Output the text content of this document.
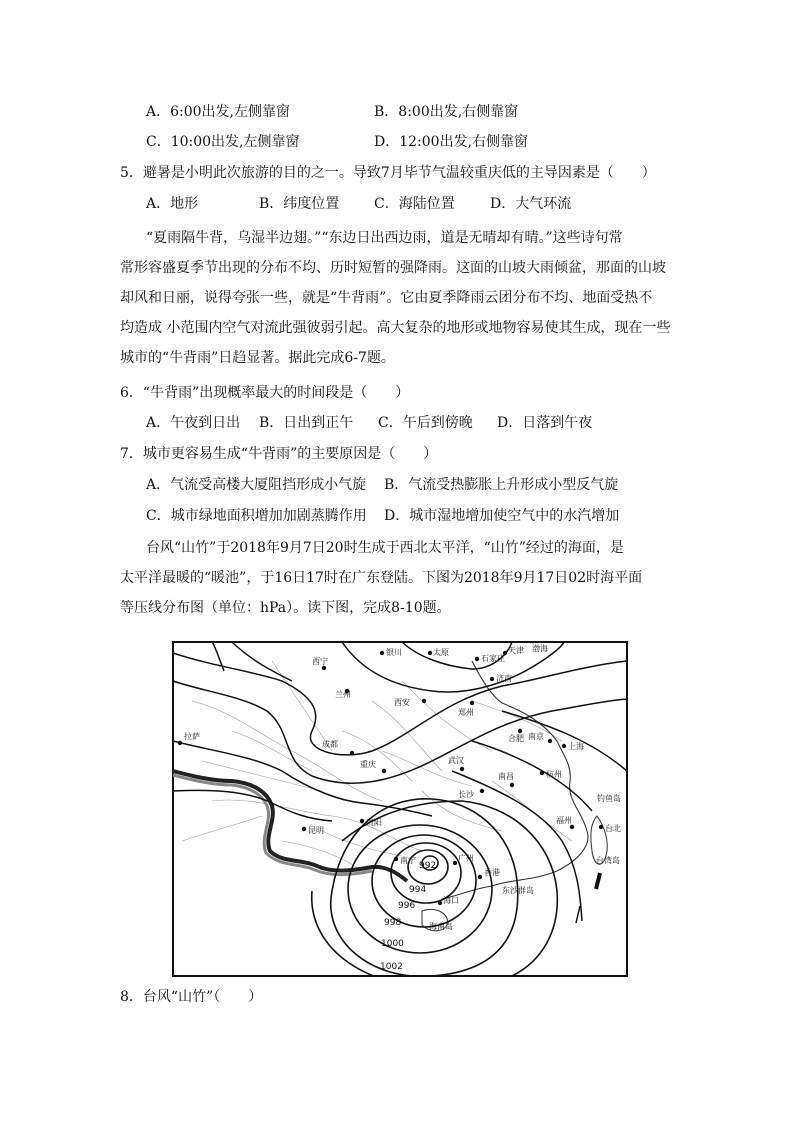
A．6:00出发,左侧靠窗	B．8:00出发,右侧靠窗
C．10:00出发,左侧靠窗	D．12:00出发,右侧靠窗
5．避暑是小明此次旅游的目的之一。导致7月毕节气温较重庆低的主导因素是（　　）
A．地形	B．纬度位置 C．海陆位置	D．大气环流
“夏雨隔牛背，乌湿半边翅。”“东边日出西边雨，道是无晴却有晴。”这些诗句常
常形容盛夏季节出现的分布不均、历时短暂的强降雨。这面的山坡大雨倾盆，那面的山坡
却风和日丽，说得夸张一些，就是“牛背雨”。它由夏季降雨云团分布不均、地面受热不
均造成 小范围内空气对流此强彼弱引起。高大复杂的地形或地物容易使其生成，现在一些
城市的“牛背雨”日趋显著。据此完成6-7题。
6．“牛背雨”出现概率最大的时间段是（　　）
A．午夜到日出 B．日出到正午 C．午后到傍晚 D．日落到午夜
7．城市更容易生成“牛背雨”的主要原因是（　　）
A．气流受高楼大厦阻挡形成小气旋 B．气流受热膨胀上升形成小型反气旋
C．城市绿地面积增加加剧蒸腾作用 D．城市湿地增加使空气中的水汽增加
台风“山竹”于2018年9月7日20时生成于西北太平洋，“山竹”经过的海面，是
太平洋最暖的“暖池”，于16日17时在广东登陆。下图为2018年9月17日02时海平面
等压线分布图（单位：hPa）。读下图，完成8-10题。
拉萨
西宁
兰州
银川	太原
石家庄
天津 渤海
济南
郑州
西安
成都
重庆	武汉
合肥 南京
上海
杭州
长沙
南昌
福州
钓鱼岛
台北
台湾岛
昆明
贵阳
南宁	广州
香港
海口
海南岛
东沙群岛
992
994
996
998
1000
1002
8．台风“山竹”（　　）
